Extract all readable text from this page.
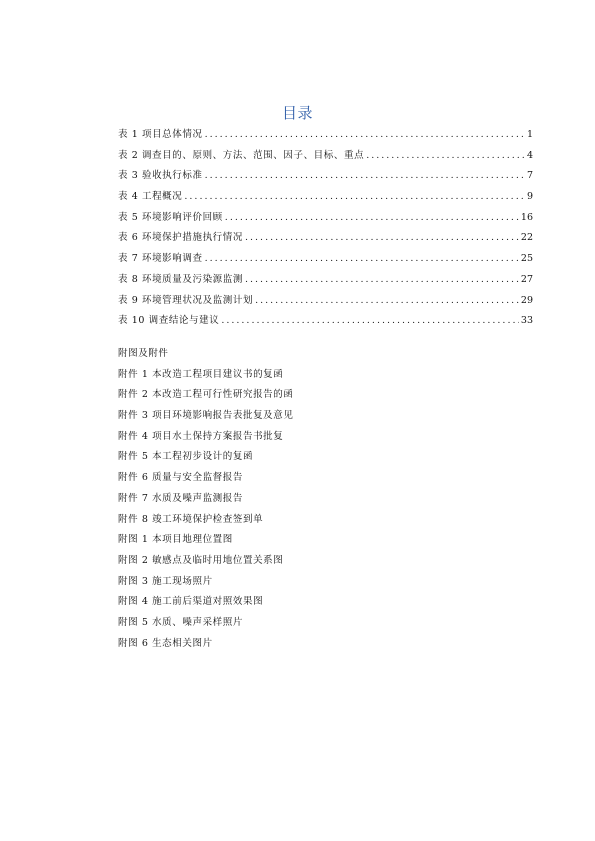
目录
表 1 项目总体情况 .....	1
表 2 调查目的、原则、方法、范围、因子、目标、重点 .....	4
表 3 验收执行标准 .....	7
表 4 工程概况 .....	9
表 5 环境影响评价回顾 .....	16
表 6 环境保护措施执行情况 .....	22
表 7 环境影响调查 .....	25
表 8 环境质量及污染源监测 .....	27
表 9 环境管理状况及监测计划 .....	29
表 10 调查结论与建议 .....	33
附图及附件
附件 1 本改造工程项目建议书的复函
附件 2 本改造工程可行性研究报告的函
附件 3 项目环境影响报告表批复及意见
附件 4 项目水土保持方案报告书批复
附件 5 本工程初步设计的复函
附件 6 质量与安全监督报告
附件 7 水质及噪声监测报告
附件 8 竣工环境保护检查签到单
附图 1 本项目地理位置图
附图 2 敏感点及临时用地位置关系图
附图 3 施工现场照片
附图 4 施工前后渠道对照效果图
附图 5 水质、噪声采样照片
附图 6 生态相关图片
